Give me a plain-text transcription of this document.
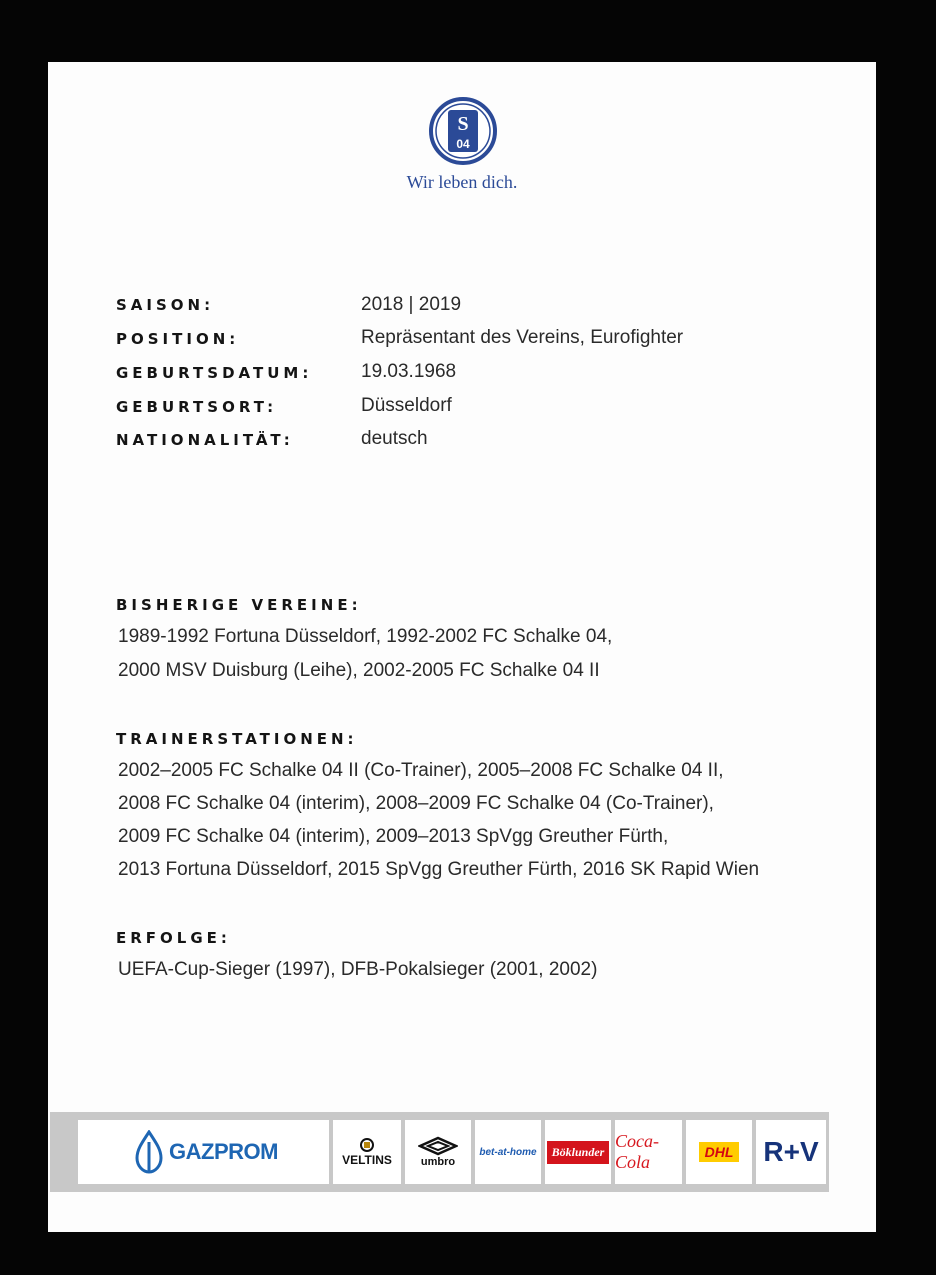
S
04
Wir leben dich.
SAISON:	2018 | 2019
POSITION:	Repräsentant des Vereins, Eurofighter
GEBURTSDATUM:	19.03.1968
GEBURTSORT:	Düsseldorf
NATIONALITÄT:	deutsch
BISHERIGE VEREINE:
1989-1992 Fortuna Düsseldorf, 1992-2002 FC Schalke 04,
2000 MSV Duisburg (Leihe), 2002-2005 FC Schalke 04 II
TRAINERSTATIONEN:
2002–2005 FC Schalke 04 II (Co-Trainer), 2005–2008 FC Schalke 04 II,
2008 FC Schalke 04 (interim), 2008–2009 FC Schalke 04 (Co-Trainer),
2009 FC Schalke 04 (interim), 2009–2013 SpVgg Greuther Fürth,
2013 Fortuna Düsseldorf, 2015 SpVgg Greuther Fürth, 2016 SK Rapid Wien
ERFOLGE:
UEFA-Cup-Sieger (1997), DFB-Pokalsieger (2001, 2002)
GAZPROM	VELTINS	umbro
bet-at-home	Böklunder
Coca-Cola	DHL R+V
